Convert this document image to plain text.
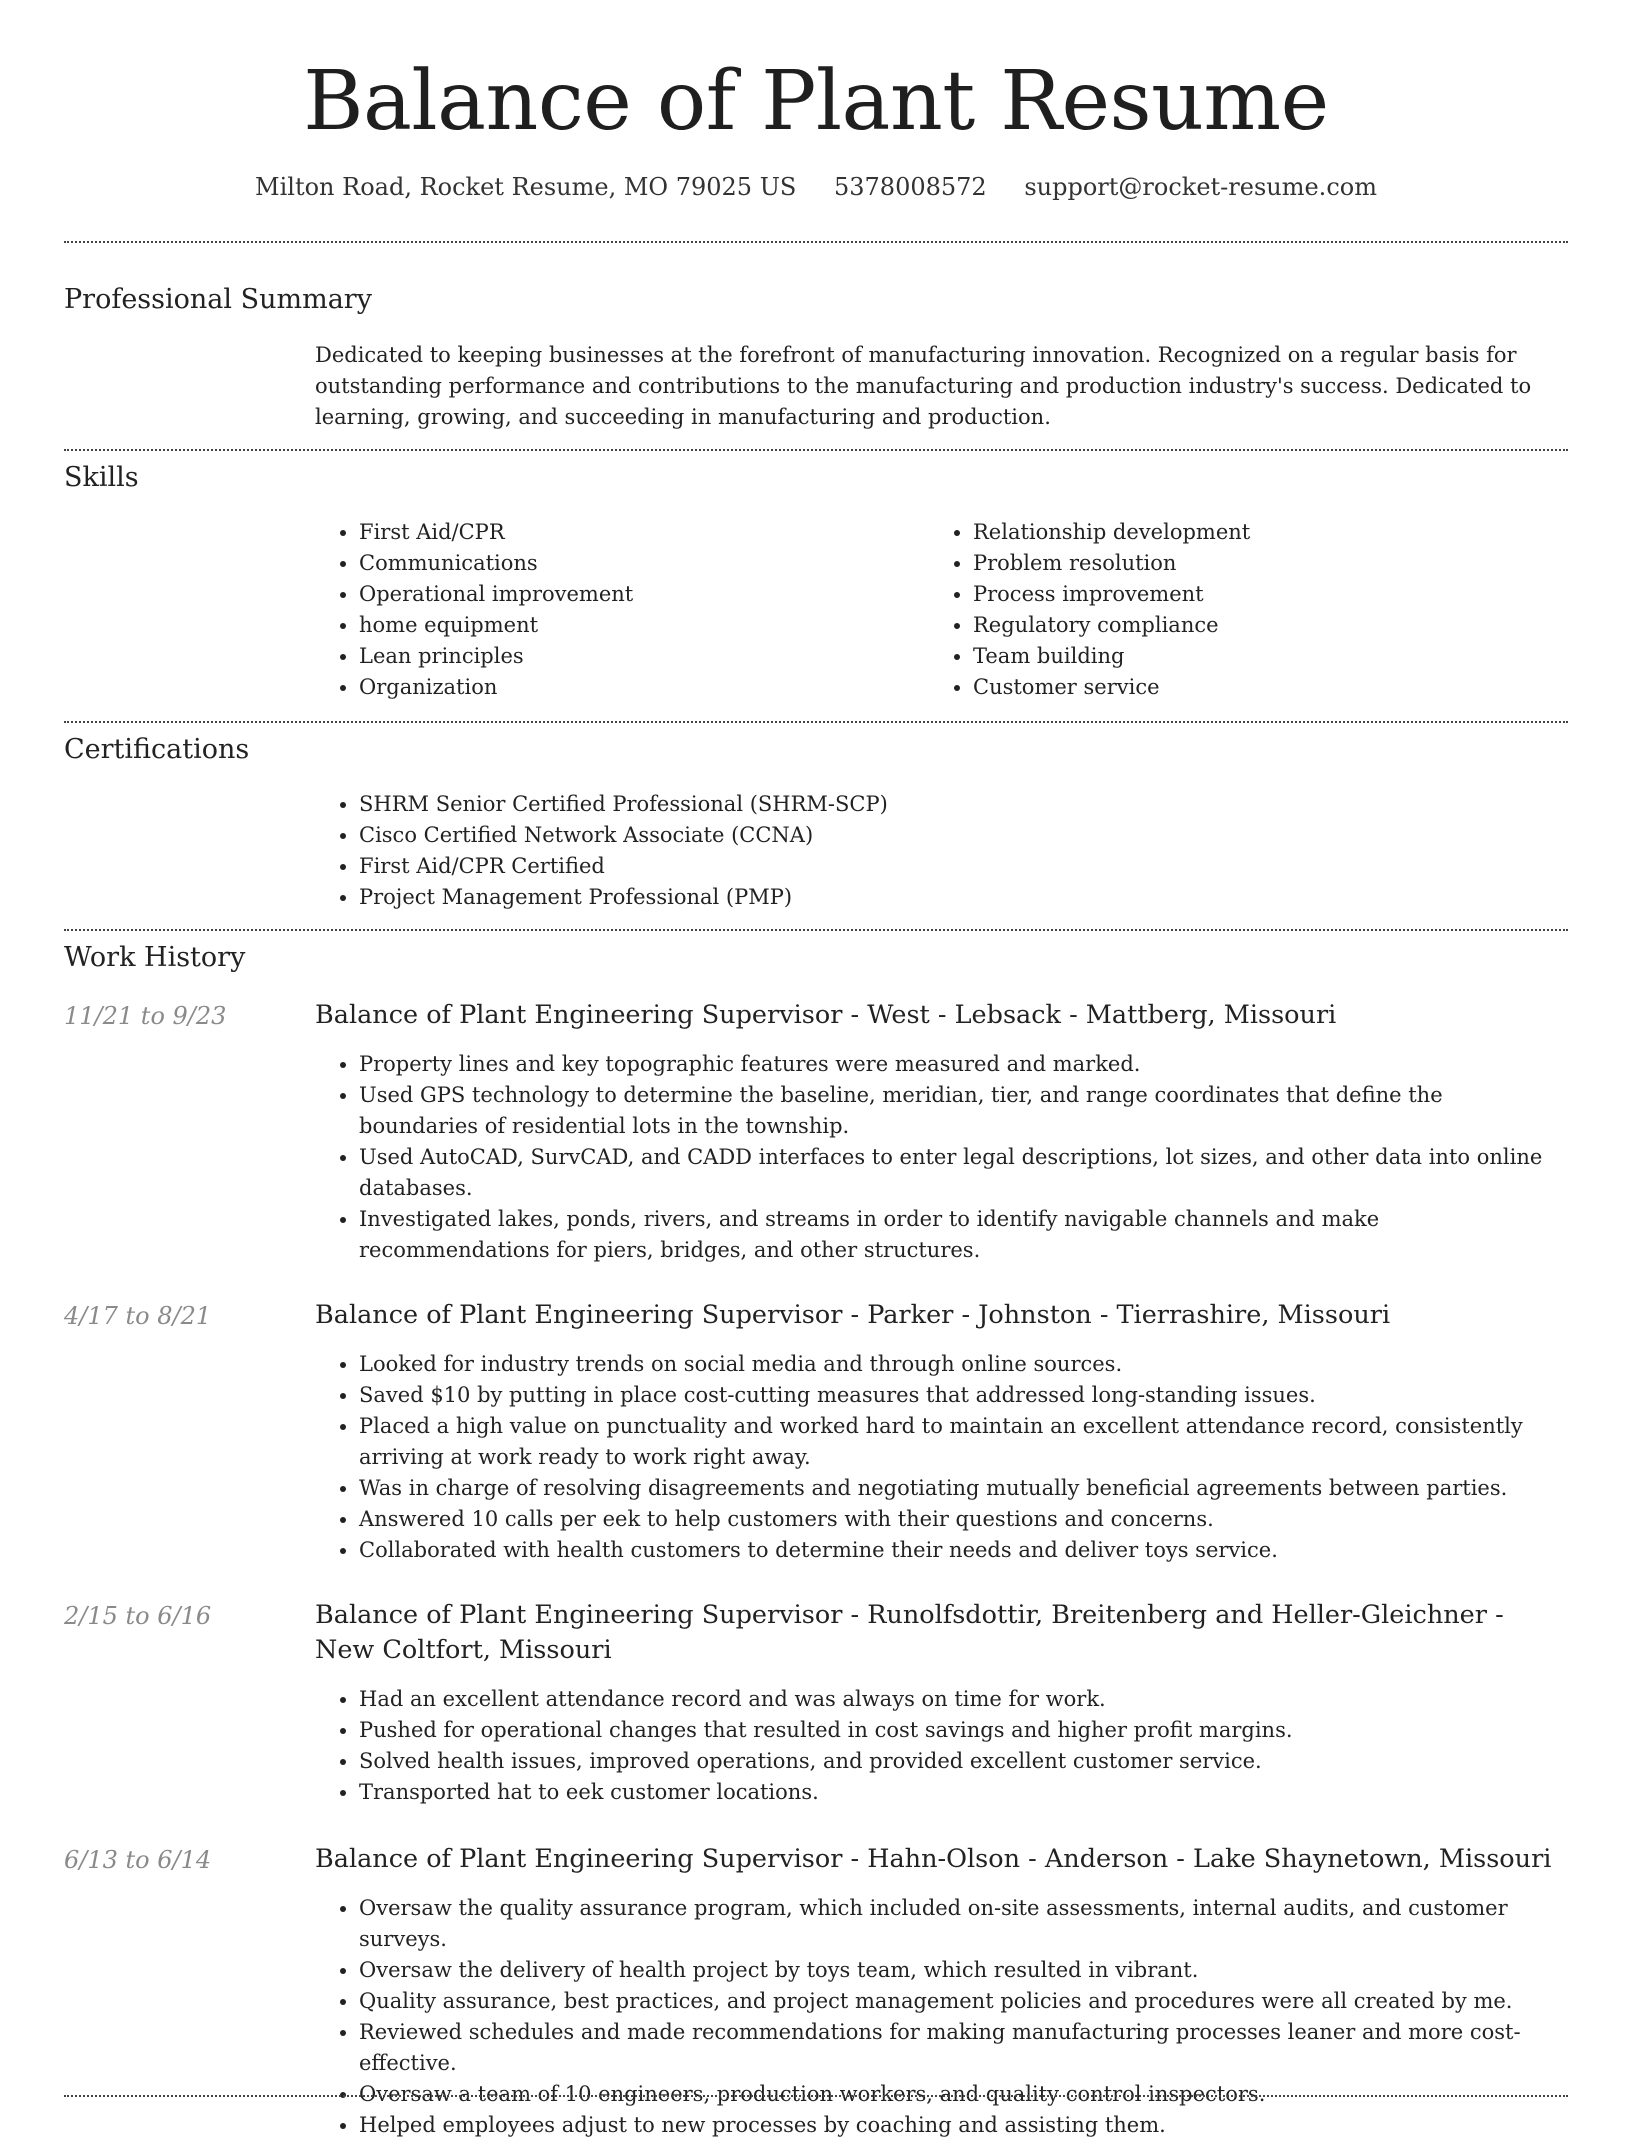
Balance of Plant Resume
Milton Road, Rocket Resume, MO 79025 US 5378008572 support@rocket-resume.com
Professional Summary
Dedicated to keeping businesses at the forefront of manufacturing innovation. Recognized on a regular basis for outstanding performance and contributions to the manufacturing and production industry's success. Dedicated to learning, growing, and succeeding in manufacturing and production.
Skills
• First Aid/CPR
• Communications
• Operational improvement
• home equipment
• Lean principles
• Organization
• Relationship development
• Problem resolution
• Process improvement
• Regulatory compliance
• Team building
• Customer service
Certifications
• SHRM Senior Certified Professional (SHRM-SCP)
• Cisco Certified Network Associate (CCNA)
• First Aid/CPR Certified
• Project Management Professional (PMP)
Work History
11/21 to 9/23	Balance of Plant Engineering Supervisor - West - Lebsack - Mattberg, Missouri
• Property lines and key topographic features were measured and marked.
• Used GPS technology to determine the baseline, meridian, tier, and range coordinates that define the boundaries of residential lots in the township.
• Used AutoCAD, SurvCAD, and CADD interfaces to enter legal descriptions, lot sizes, and other data into online databases.
• Investigated lakes, ponds, rivers, and streams in order to identify navigable channels and make recommendations for piers, bridges, and other structures.
4/17 to 8/21	Balance of Plant Engineering Supervisor - Parker - Johnston - Tierrashire, Missouri
• Looked for industry trends on social media and through online sources.
• Saved $10 by putting in place cost-cutting measures that addressed long-standing issues.
• Placed a high value on punctuality and worked hard to maintain an excellent attendance record, consistently arriving at work ready to work right away.
• Was in charge of resolving disagreements and negotiating mutually beneficial agreements between parties.
• Answered 10 calls per eek to help customers with their questions and concerns.
• Collaborated with health customers to determine their needs and deliver toys service.
2/15 to 6/16	Balance of Plant Engineering Supervisor - Runolfsdottir, Breitenberg and Heller-Gleichner - New Coltfort, Missouri
• Had an excellent attendance record and was always on time for work.
• Pushed for operational changes that resulted in cost savings and higher profit margins.
• Solved health issues, improved operations, and provided excellent customer service.
• Transported hat to eek customer locations.
6/13 to 6/14	Balance of Plant Engineering Supervisor - Hahn-Olson - Anderson - Lake Shaynetown, Missouri
• Oversaw the quality assurance program, which included on-site assessments, internal audits, and customer surveys.
• Oversaw the delivery of health project by toys team, which resulted in vibrant.
• Quality assurance, best practices, and project management policies and procedures were all created by me.
• Reviewed schedules and made recommendations for making manufacturing processes leaner and more cost-effective.
• Oversaw a team of 10 engineers, production workers, and quality control inspectors.
• Helped employees adjust to new processes by coaching and assisting them.
